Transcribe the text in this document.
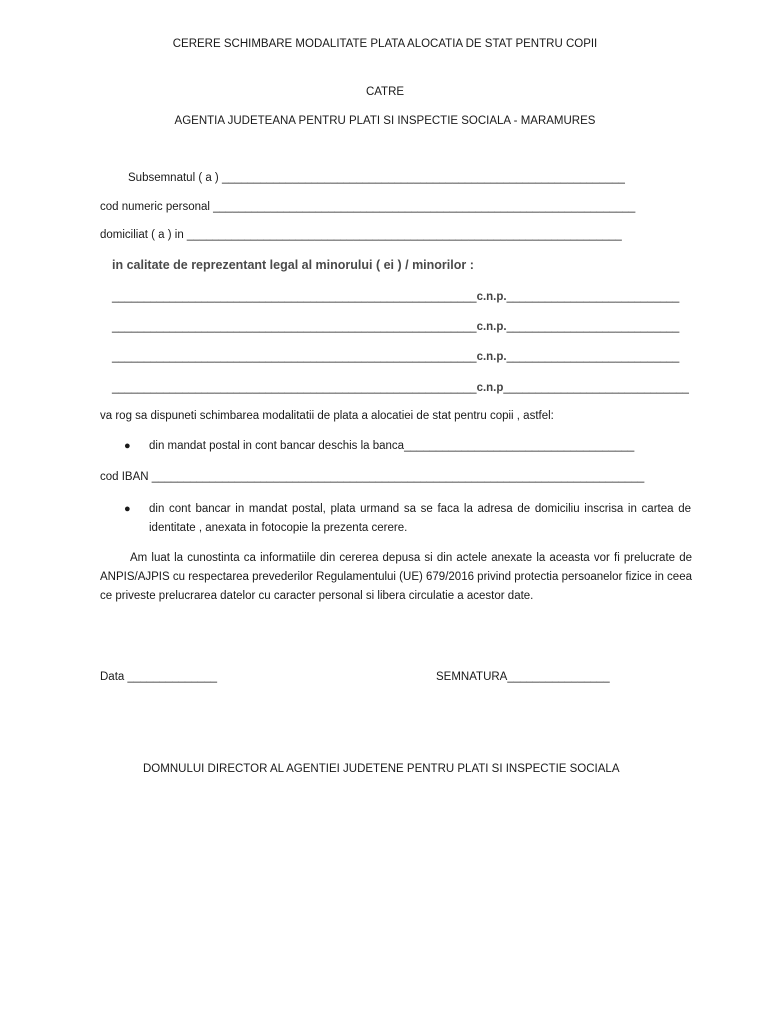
CERERE SCHIMBARE MODALITATE PLATA ALOCATIA DE STAT PENTRU COPII
CATRE
AGENTIA JUDETEANA PENTRU PLATI SI INSPECTIE SOCIALA - MARAMURES
Subsemnatul ( a ) _______________________________________________________________
cod numeric personal __________________________________________________________________
domiciliat ( a ) in ____________________________________________________________________
in calitate de reprezentant legal al minorului ( ei ) / minorilor :
_________________________________________________________c.n.p.___________________________
_________________________________________________________c.n.p.___________________________
_________________________________________________________c.n.p.___________________________
_________________________________________________________c.n.p_____________________________
va rog sa dispuneti schimbarea modalitatii de plata a alocatiei de stat pentru copii , astfel:
● din mandat postal in cont bancar deschis la banca____________________________________
cod IBAN _____________________________________________________________________________
● din cont bancar in mandat postal, plata urmand sa se faca la adresa de domiciliu inscrisa in cartea de identitate , anexata in fotocopie la prezenta cerere.
Am luat la cunostinta ca informatiile din cererea depusa si din actele anexate la aceasta vor fi prelucrate de ANPIS/AJPIS cu respectarea prevederilor Regulamentului (UE) 679/2016 privind protectia persoanelor fizice in ceea ce priveste prelucrarea datelor cu caracter personal si libera circulatie a acestor date.
Data ______________	SEMNATURA________________
DOMNULUI DIRECTOR AL AGENTIEI JUDETENE PENTRU PLATI SI INSPECTIE SOCIALA
